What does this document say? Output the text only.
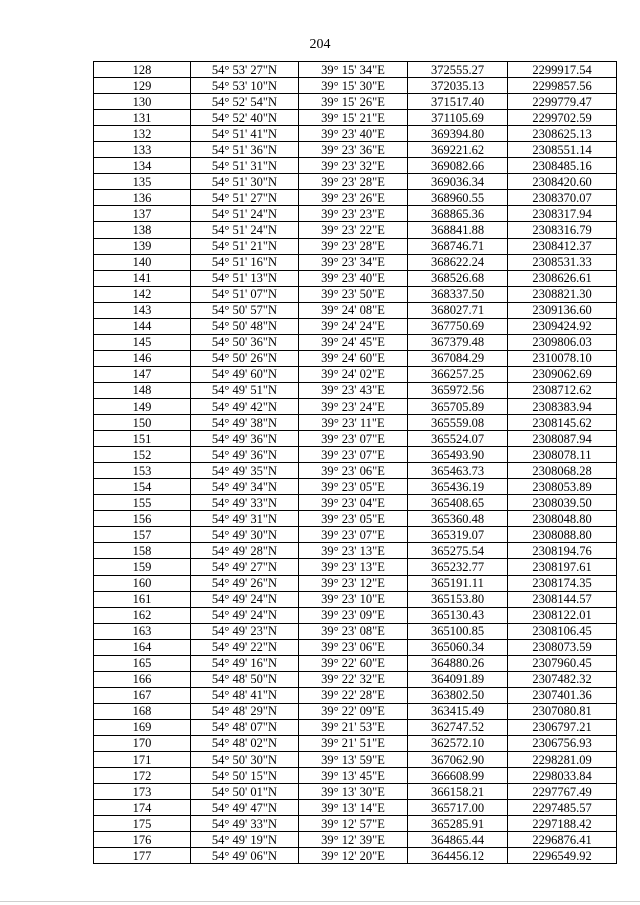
204
128	54° 53' 27"N	39° 15' 34"E	372555.27	2299917.54
129	54° 53' 10"N	39° 15' 30"E	372035.13	2299857.56
130	54° 52' 54"N	39° 15' 26"E	371517.40	2299779.47
131	54° 52' 40"N	39° 15' 21"E	371105.69	2299702.59
132	54° 51' 41"N	39° 23' 40"E	369394.80	2308625.13
133	54° 51' 36"N	39° 23' 36"E	369221.62	2308551.14
134	54° 51' 31"N	39° 23' 32"E	369082.66	2308485.16
135	54° 51' 30"N	39° 23' 28"E	369036.34	2308420.60
136	54° 51' 27"N	39° 23' 26"E	368960.55	2308370.07
137	54° 51' 24"N	39° 23' 23"E	368865.36	2308317.94
138	54° 51' 24"N	39° 23' 22"E	368841.88	2308316.79
139	54° 51' 21"N	39° 23' 28"E	368746.71	2308412.37
140	54° 51' 16"N	39° 23' 34"E	368622.24	2308531.33
141	54° 51' 13"N	39° 23' 40"E	368526.68	2308626.61
142	54° 51' 07"N	39° 23' 50"E	368337.50	2308821.30
143	54° 50' 57"N	39° 24' 08"E	368027.71	2309136.60
144	54° 50' 48"N	39° 24' 24"E	367750.69	2309424.92
145	54° 50' 36"N	39° 24' 45"E	367379.48	2309806.03
146	54° 50' 26"N	39° 24' 60"E	367084.29	2310078.10
147	54° 49' 60"N	39° 24' 02"E	366257.25	2309062.69
148	54° 49' 51"N	39° 23' 43"E	365972.56	2308712.62
149	54° 49' 42"N	39° 23' 24"E	365705.89	2308383.94
150	54° 49' 38"N	39° 23' 11"E	365559.08	2308145.62
151	54° 49' 36"N	39° 23' 07"E	365524.07	2308087.94
152	54° 49' 36"N	39° 23' 07"E	365493.90	2308078.11
153	54° 49' 35"N	39° 23' 06"E	365463.73	2308068.28
154	54° 49' 34"N	39° 23' 05"E	365436.19	2308053.89
155	54° 49' 33"N	39° 23' 04"E	365408.65	2308039.50
156	54° 49' 31"N	39° 23' 05"E	365360.48	2308048.80
157	54° 49' 30"N	39° 23' 07"E	365319.07	2308088.80
158	54° 49' 28"N	39° 23' 13"E	365275.54	2308194.76
159	54° 49' 27"N	39° 23' 13"E	365232.77	2308197.61
160	54° 49' 26"N	39° 23' 12"E	365191.11	2308174.35
161	54° 49' 24"N	39° 23' 10"E	365153.80	2308144.57
162	54° 49' 24"N	39° 23' 09"E	365130.43	2308122.01
163	54° 49' 23"N	39° 23' 08"E	365100.85	2308106.45
164	54° 49' 22"N	39° 23' 06"E	365060.34	2308073.59
165	54° 49' 16"N	39° 22' 60"E	364880.26	2307960.45
166	54° 48' 50"N	39° 22' 32"E	364091.89	2307482.32
167	54° 48' 41"N	39° 22' 28"E	363802.50	2307401.36
168	54° 48' 29"N	39° 22' 09"E	363415.49	2307080.81
169	54° 48' 07"N	39° 21' 53"E	362747.52	2306797.21
170	54° 48' 02"N	39° 21' 51"E	362572.10	2306756.93
171	54° 50' 30"N	39° 13' 59"E	367062.90	2298281.09
172	54° 50' 15"N	39° 13' 45"E	366608.99	2298033.84
173	54° 50' 01"N	39° 13' 30"E	366158.21	2297767.49
174	54° 49' 47"N	39° 13' 14"E	365717.00	2297485.57
175	54° 49' 33"N	39° 12' 57"E	365285.91	2297188.42
176	54° 49' 19"N	39° 12' 39"E	364865.44	2296876.41
177	54° 49' 06"N	39° 12' 20"E	364456.12	2296549.92
